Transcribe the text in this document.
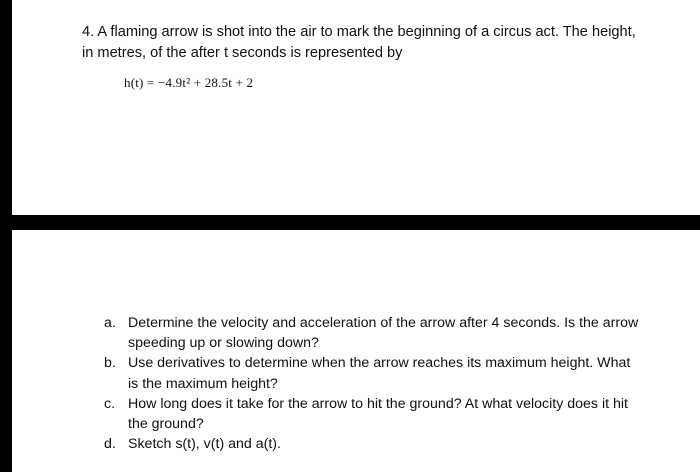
4. A flaming arrow is shot into the air to mark the beginning of a circus act. The height, in metres, of the after t seconds is represented by
h(t) = −4.9t² + 28.5t + 2
a. Determine the velocity and acceleration of the arrow after 4 seconds. Is the arrow speeding up or slowing down?
b. Use derivatives to determine when the arrow reaches its maximum height. What is the maximum height?
c. How long does it take for the arrow to hit the ground? At what velocity does it hit the ground?
d. Sketch s(t), v(t) and a(t).
